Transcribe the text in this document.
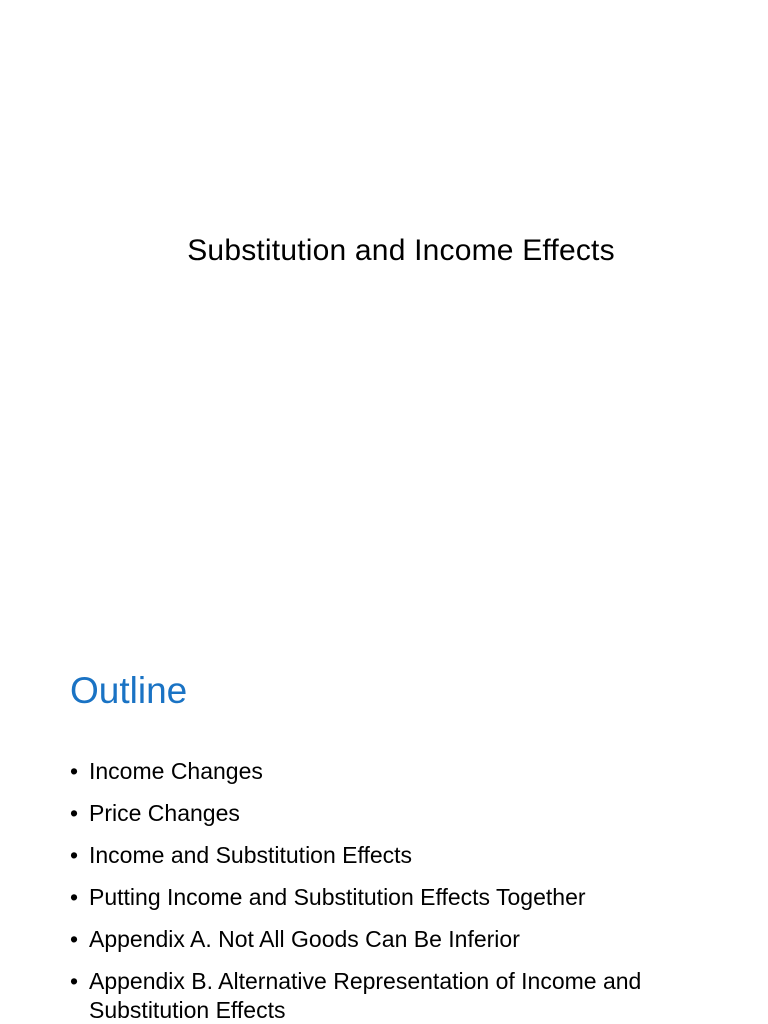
Substitution and Income Effects
Outline
• Income Changes
• Price Changes
• Income and Substitution Effects
• Putting Income and Substitution Effects Together
• Appendix A. Not All Goods Can Be Inferior
• Appendix B. Alternative Representation of Income and Substitution Effects
